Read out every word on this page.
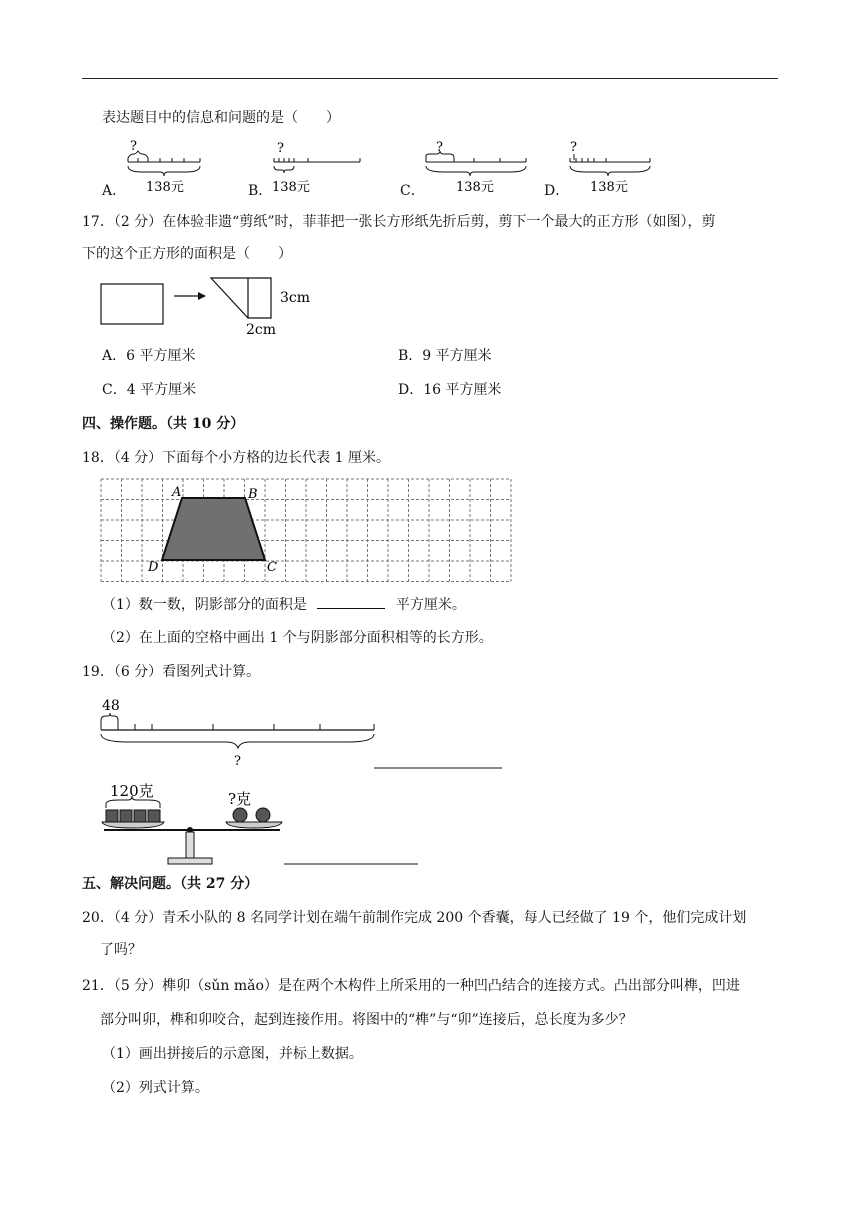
表达题目中的信息和问题的是（　　）
A．
?
138元	B．
?
138元	C．
?
138元	D．
?
138元
17．（2 分）在体验非遗“剪纸”时，菲菲把一张长方形纸先折后剪，剪下一个最大的正方形（如图），剪
下的这个正方形的面积是（　　）
3cm
2cm
A．6 平方厘米	B．9 平方厘米
C．4 平方厘米	D．16 平方厘米
四、操作题。（共 10 分）
18．（4 分）下面每个小方格的边长代表 1 厘米。
A	B
C
D
（1）数一数，阴影部分的面积是	平方厘米。
（2）在上面的空格中画出 1 个与阴影部分面积相等的长方形。
19．（6 分）看图列式计算。
48
?
120克	?克
五、解决问题。（共 27 分）
20．（4 分）青禾小队的 8 名同学计划在端午前制作完成 200 个香囊，每人已经做了 19 个，他们完成计划
了吗？
21．（5 分）榫卯（sǔn mǎo）是在两个木构件上所采用的一种凹凸结合的连接方式。凸出部分叫榫，凹进
部分叫卯，榫和卯咬合，起到连接作用。将图中的“榫”与“卯”连接后，总长度为多少？
（1）画出拼接后的示意图，并标上数据。
（2）列式计算。
